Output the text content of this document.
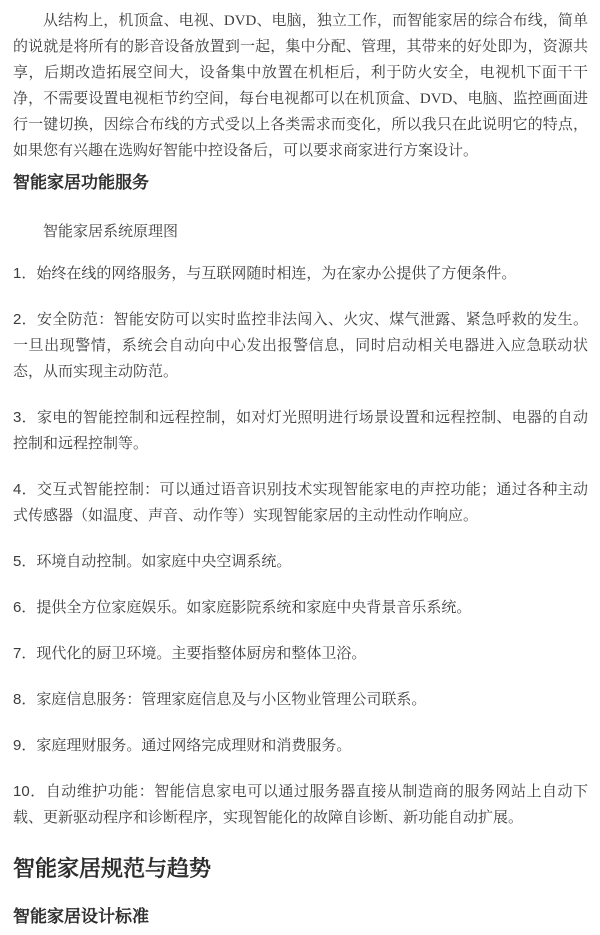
从结构上，机顶盒、电视、DVD、电脑，独立工作，而智能家居的综合布线，简单的说就是将所有的影音设备放置到一起，集中分配、管理，其带来的好处即为，资源共享，后期改造拓展空间大，设备集中放置在机柜后，利于防火安全，电视机下面干干净，不需要设置电视柜节约空间，每台电视都可以在机顶盒、DVD、电脑、监控画面进行一键切换，因综合布线的方式受以上各类需求而变化，所以我只在此说明它的特点，如果您有兴趣在选购好智能中控设备后，可以要求商家进行方案设计。

智能家居功能服务

智能家居系统原理图

1．始终在线的网络服务，与互联网随时相连，为在家办公提供了方便条件。

2．安全防范：智能安防可以实时监控非法闯入、火灾、煤气泄露、紧急呼救的发生。一旦出现警情，系统会自动向中心发出报警信息，同时启动相关电器进入应急联动状态，从而实现主动防范。

3．家电的智能控制和远程控制，如对灯光照明进行场景设置和远程控制、电器的自动控制和远程控制等。

4．交互式智能控制：可以通过语音识别技术实现智能家电的声控功能；通过各种主动式传感器（如温度、声音、动作等）实现智能家居的主动性动作响应。

5．环境自动控制。如家庭中央空调系统。

6．提供全方位家庭娱乐。如家庭影院系统和家庭中央背景音乐系统。

7．现代化的厨卫环境。主要指整体厨房和整体卫浴。

8．家庭信息服务：管理家庭信息及与小区物业管理公司联系。

9．家庭理财服务。通过网络完成理财和消费服务。

10．自动维护功能：智能信息家电可以通过服务器直接从制造商的服务网站上自动下载、更新驱动程序和诊断程序，实现智能化的故障自诊断、新功能自动扩展。

智能家居规范与趋势
智能家居设计标准
